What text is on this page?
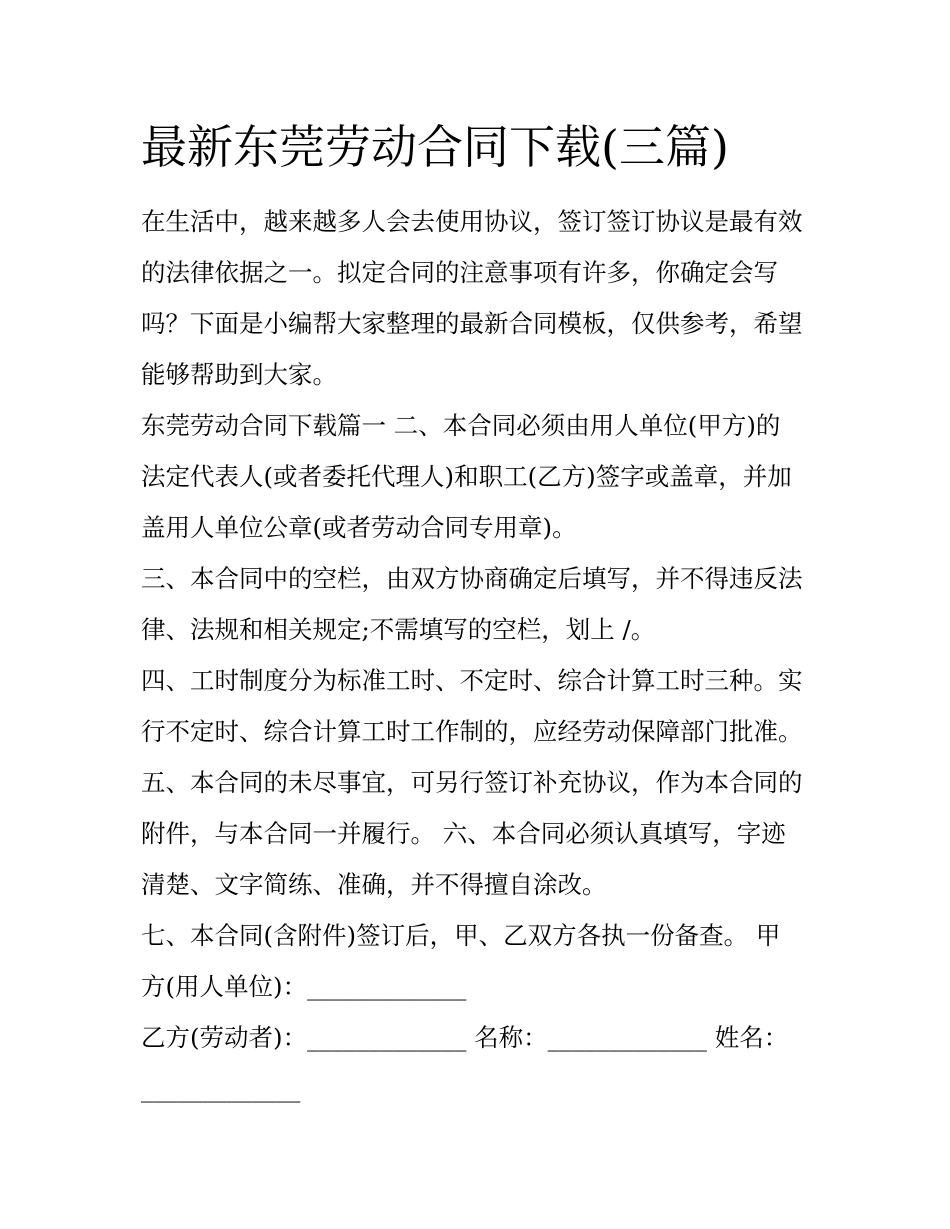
最新东莞劳动合同下载(三篇)

在生活中，越来越多人会去使用协议，签订签订协议是最有效

的法律依据之一。拟定合同的注意事项有许多，你确定会写

吗？下面是小编帮大家整理的最新合同模板，仅供参考，希望

能够帮助到大家。

东莞劳动合同下载篇一 二、本合同必须由用人单位(甲方)的

法定代表人(或者委托代理人)和职工(乙方)签字或盖章，并加

盖用人单位公章(或者劳动合同专用章)。

三、本合同中的空栏，由双方协商确定后填写，并不得违反法

律、法规和相关规定;不需填写的空栏，划上 /。

四、工时制度分为标准工时、不定时、综合计算工时三种。实

行不定时、综合计算工时工作制的，应经劳动保障部门批准。

五、本合同的未尽事宜，可另行签订补充协议，作为本合同的

附件，与本合同一并履行。 六、本合同必须认真填写，字迹

清楚、文字简练、准确，并不得擅自涂改。

七、本合同(含附件)签订后，甲、乙双方各执一份备查。 甲

方(用人单位)：_____________

乙方(劳动者)：_____________ 名称：_____________ 姓名：

_____________
